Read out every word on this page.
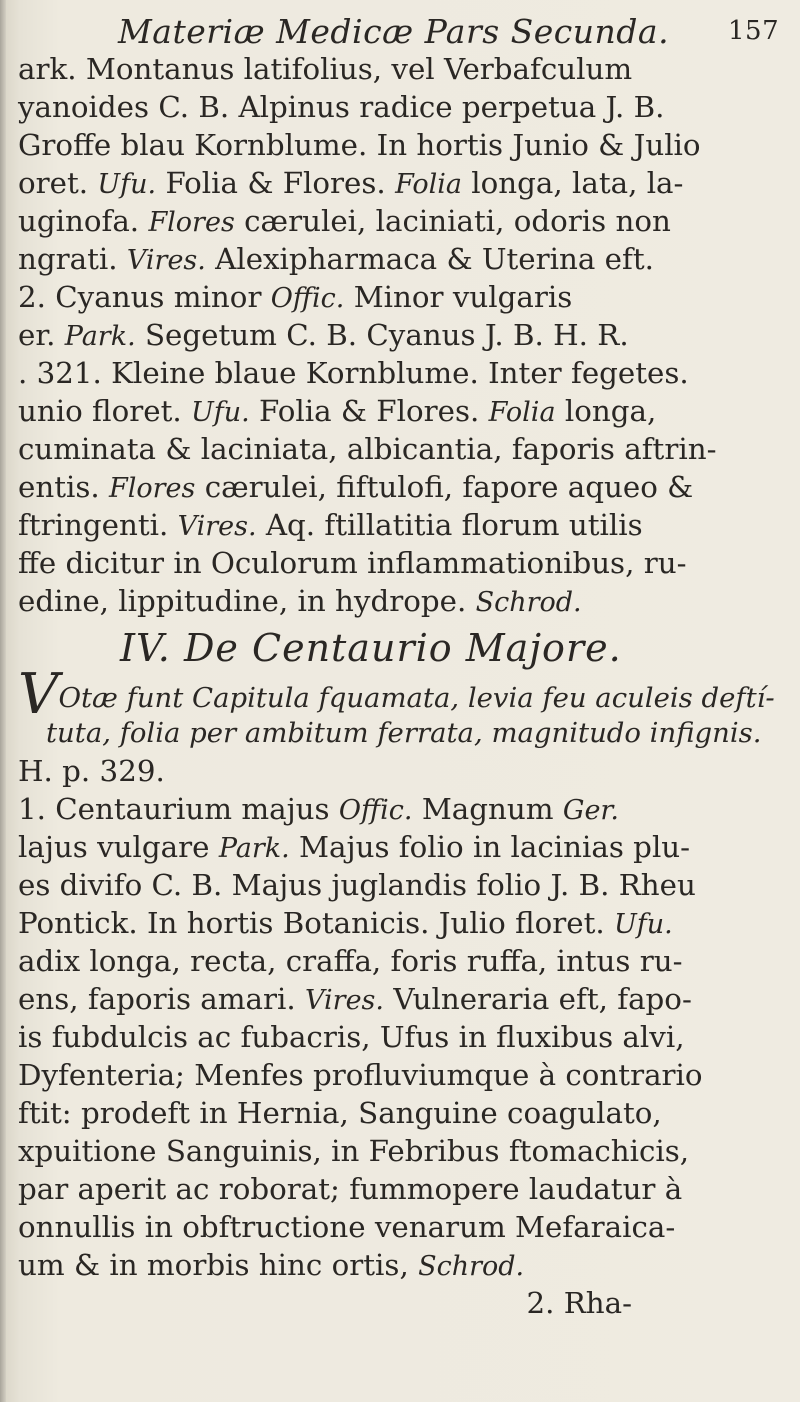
Materiæ Medicæ Pars Secunda. 157
ark. Montanus latifolius, vel Verbafculum
yanoides C. B. Alpinus radice perpetua J. B.
Groffe blau Kornblume. In hortis Junio & Julio
oret. Ufu. Folia & Flores. Folia longa, lata, la-
uginofa. Flores cærulei, laciniati, odoris non
ngrati. Vires. Alexipharmaca & Uterina eft.
2. Cyanus minor Offic. Minor vulgaris
er. Park. Segetum C. B. Cyanus J. B. H. R.
. 321. Kleine blaue Kornblume. Inter fegetes.
unio floret. Ufu. Folia & Flores. Folia longa,
cuminata & laciniata, albicantia, faporis aftrin-
entis. Flores cærulei, fiftulofi, fapore aqueo &
ftringenti. Vires. Aq. ftillatitia florum utilis
ffe dicitur in Oculorum inflammationibus, ru-
edine, lippitudine, in hydrope. Schrod.
IV. De Centaurio Majore.
VOtæ funt Capitula fquamata, levia feu aculeis deftí-
tuta, folia per ambitum ferrata, magnitudo infignis.
H. p. 329.
1. Centaurium majus Offic. Magnum Ger.
lajus vulgare Park. Majus folio in lacinias plu-
es divifo C. B. Majus juglandis folio J. B. Rheu
Pontick. In hortis Botanicis. Julio floret. Ufu.
adix longa, recta, craffa, foris ruffa, intus ru-
ens, faporis amari. Vires. Vulneraria eft, fapo-
is fubdulcis ac fubacris, Ufus in fluxibus alvi,
Dyfenteria; Menfes profluviumque à contrario
ftit: prodeft in Hernia, Sanguine coagulato,
xpuitione Sanguinis, in Febribus ftomachicis,
par aperit ac roborat; fummopere laudatur à
onnullis in obftructione venarum Mefaraica-
um & in morbis hinc ortis, Schrod.
2. Rha-
